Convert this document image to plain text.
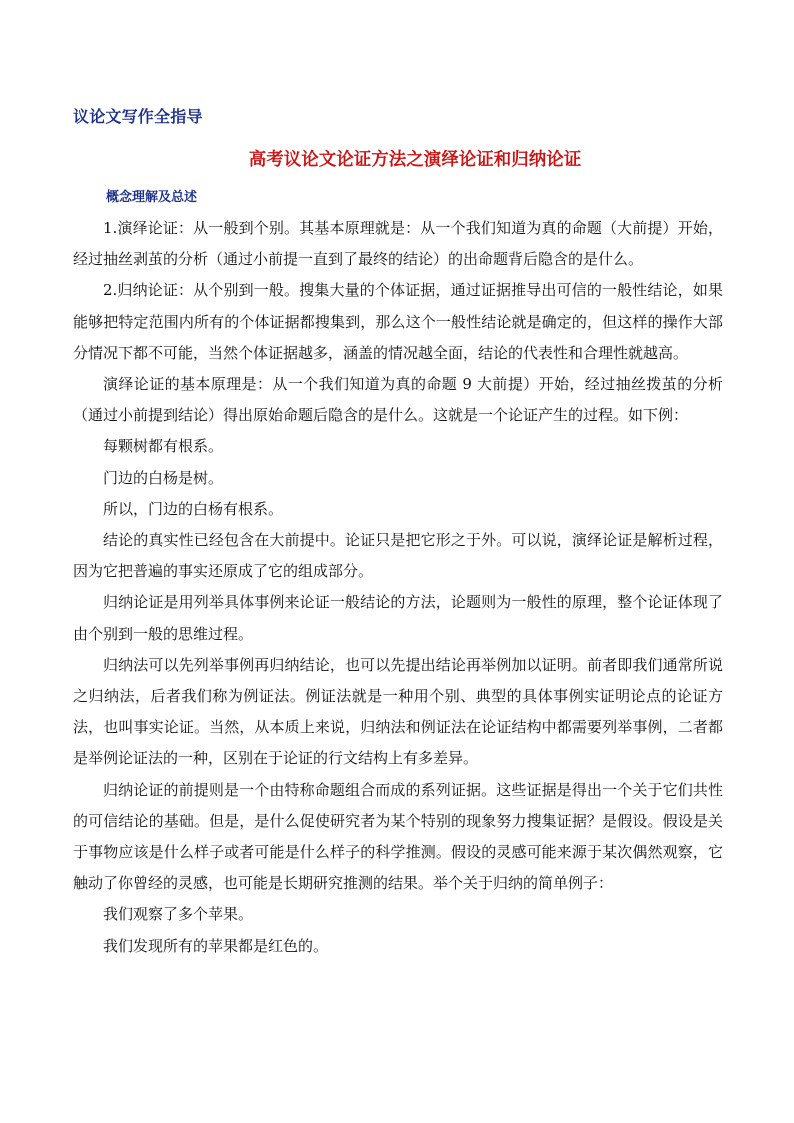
议论文写作全指导
高考议论文论证方法之演绎论证和归纳论证
概念理解及总述

1.演绎论证：从一般到个别。其基本原理就是：从一个我们知道为真的命题（大前提）开始，经过抽丝剥茧的分析（通过小前提一直到了最终的结论）的出命题背后隐含的是什么。

2.归纳论证：从个别到一般。搜集大量的个体证据，通过证据推导出可信的一般性结论，如果能够把特定范围内所有的个体证据都搜集到，那么这个一般性结论就是确定的，但这样的操作大部分情况下都不可能，当然个体证据越多，涵盖的情况越全面，结论的代表性和合理性就越高。

演绎论证的基本原理是：从一个我们知道为真的命题 9 大前提）开始，经过抽丝拨茧的分析（通过小前提到结论）得出原始命题后隐含的是什么。这就是一个论证产生的过程。如下例：

每颗树都有根系。

门边的白杨是树。

所以，门边的白杨有根系。

结论的真实性已经包含在大前提中。论证只是把它形之于外。可以说，演绎论证是解析过程，因为它把普遍的事实还原成了它的组成部分。

归纳论证是用列举具体事例来论证一般结论的方法，论题则为一般性的原理，整个论证体现了由个别到一般的思维过程。

归纳法可以先列举事例再归纳结论，也可以先提出结论再举例加以证明。前者即我们通常所说之归纳法，后者我们称为例证法。例证法就是一种用个别、典型的具体事例实证明论点的论证方法，也叫事实论证。当然，从本质上来说，归纳法和例证法在论证结构中都需要列举事例，二者都是举例论证法的一种，区别在于论证的行文结构上有多差异。

归纳论证的前提则是一个由特称命题组合而成的系列证据。这些证据是得出一个关于它们共性的可信结论的基础。但是，是什么促使研究者为某个特别的现象努力搜集证据？是假设。假设是关于事物应该是什么样子或者可能是什么样子的科学推测。假设的灵感可能来源于某次偶然观察，它触动了你曾经的灵感，也可能是长期研究推测的结果。举个关于归纳的简单例子：

我们观察了多个苹果。

我们发现所有的苹果都是红色的。
